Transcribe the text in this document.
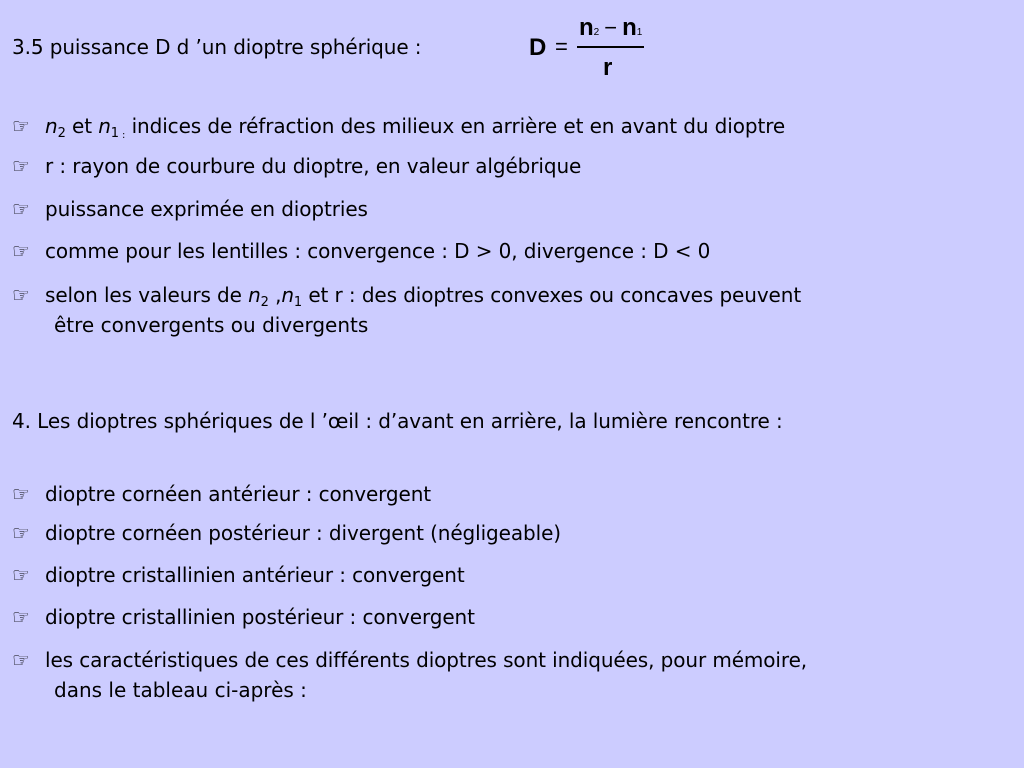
3.5 puissance D d ’un dioptre sphérique :	D =
n2 − n1
r
☞ $n_2$ et $n_1$ $_:$ indices de réfraction des milieux en arrière et en avant du dioptre
☞ r : rayon de courbure du dioptre, en valeur algébrique
☞ puissance exprimée en dioptries
☞ comme pour les lentilles : convergence : D > 0, divergence : D < 0
☞ selon les valeurs de $n_2$ $,n_1$ et r : des dioptres convexes ou concaves peuvent
être convergents ou divergents
4. Les dioptres sphériques de l ’œil : d’avant en arrière, la lumière rencontre :
☞ dioptre cornéen antérieur : convergent
☞ dioptre cornéen postérieur : divergent (négligeable)
☞ dioptre cristallinien antérieur : convergent
☞ dioptre cristallinien postérieur : convergent
☞ les caractéristiques de ces différents dioptres sont indiquées, pour mémoire,
dans le tableau ci-après :
